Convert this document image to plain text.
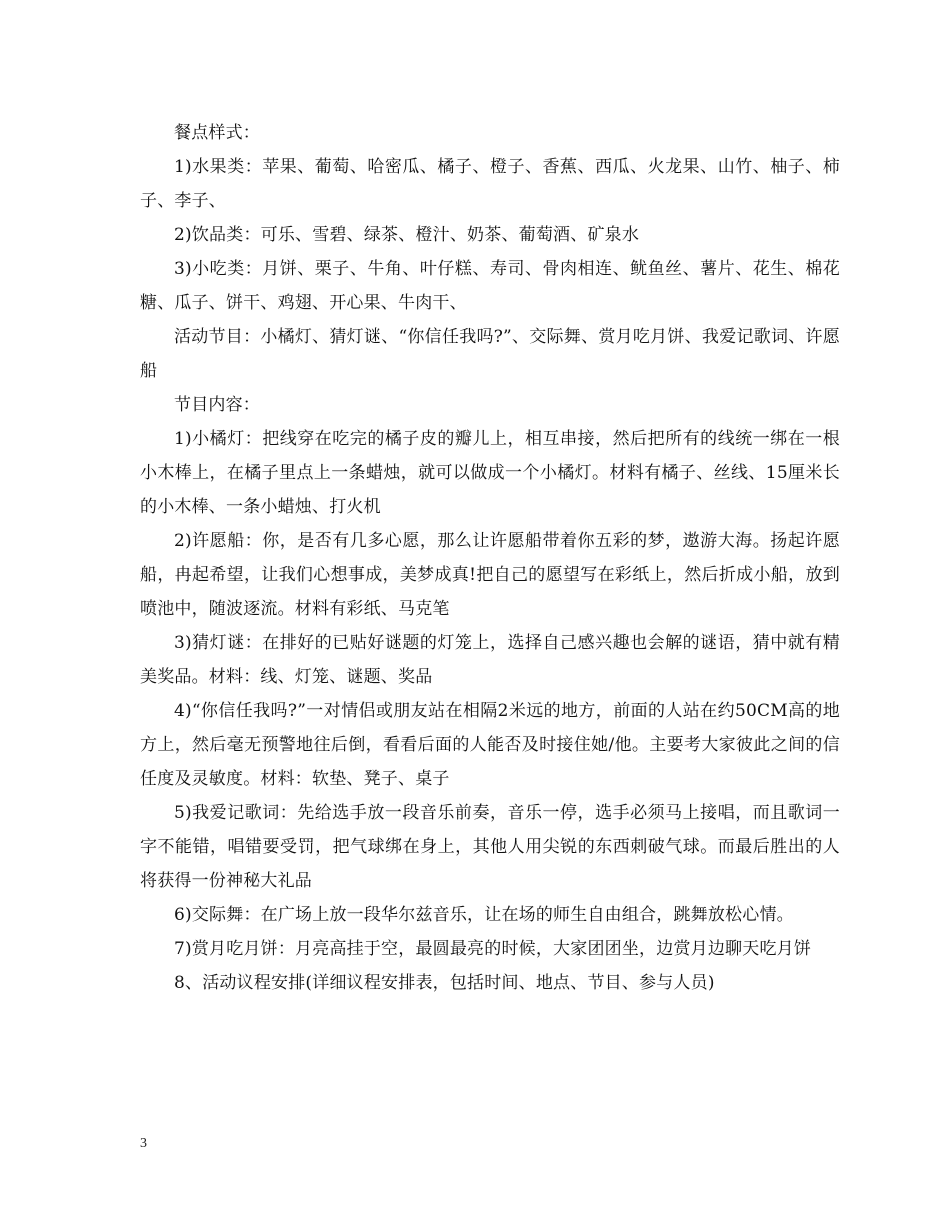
餐点样式：

1)水果类：苹果、葡萄、哈密瓜、橘子、橙子、香蕉、西瓜、火龙果、山竹、柚子、柿子、李子、

2)饮品类：可乐、雪碧、绿茶、橙汁、奶茶、葡萄酒、矿泉水

3)小吃类：月饼、栗子、牛角、叶仔糕、寿司、骨肉相连、鱿鱼丝、薯片、花生、棉花糖、瓜子、饼干、鸡翅、开心果、牛肉干、

活动节目：小橘灯、猜灯谜、“你信任我吗?”、交际舞、赏月吃月饼、我爱记歌词、许愿船

节目内容：

1)小橘灯：把线穿在吃完的橘子皮的瓣儿上，相互串接，然后把所有的线统一绑在一根小木棒上，在橘子里点上一条蜡烛，就可以做成一个小橘灯。材料有橘子、丝线、15厘米长的小木棒、一条小蜡烛、打火机

2)许愿船：你，是否有几多心愿，那么让许愿船带着你五彩的梦，遨游大海。扬起许愿船，冉起希望，让我们心想事成，美梦成真!把自己的愿望写在彩纸上，然后折成小船，放到喷池中，随波逐流。材料有彩纸、马克笔

3)猜灯谜：在排好的已贴好谜题的灯笼上，选择自己感兴趣也会解的谜语，猜中就有精美奖品。材料：线、灯笼、谜题、奖品

4)“你信任我吗?”一对情侣或朋友站在相隔2米远的地方，前面的人站在约50CM高的地方上，然后毫无预警地往后倒，看看后面的人能否及时接住她/他。主要考大家彼此之间的信任度及灵敏度。材料：软垫、凳子、桌子

5)我爱记歌词：先给选手放一段音乐前奏，音乐一停，选手必须马上接唱，而且歌词一字不能错，唱错要受罚，把气球绑在身上，其他人用尖锐的东西刺破气球。而最后胜出的人将获得一份神秘大礼品

6)交际舞：在广场上放一段华尔兹音乐，让在场的师生自由组合，跳舞放松心情。

7)赏月吃月饼：月亮高挂于空，最圆最亮的时候，大家团团坐，边赏月边聊天吃月饼

8、活动议程安排(详细议程安排表，包括时间、地点、节目、参与人员)

3
